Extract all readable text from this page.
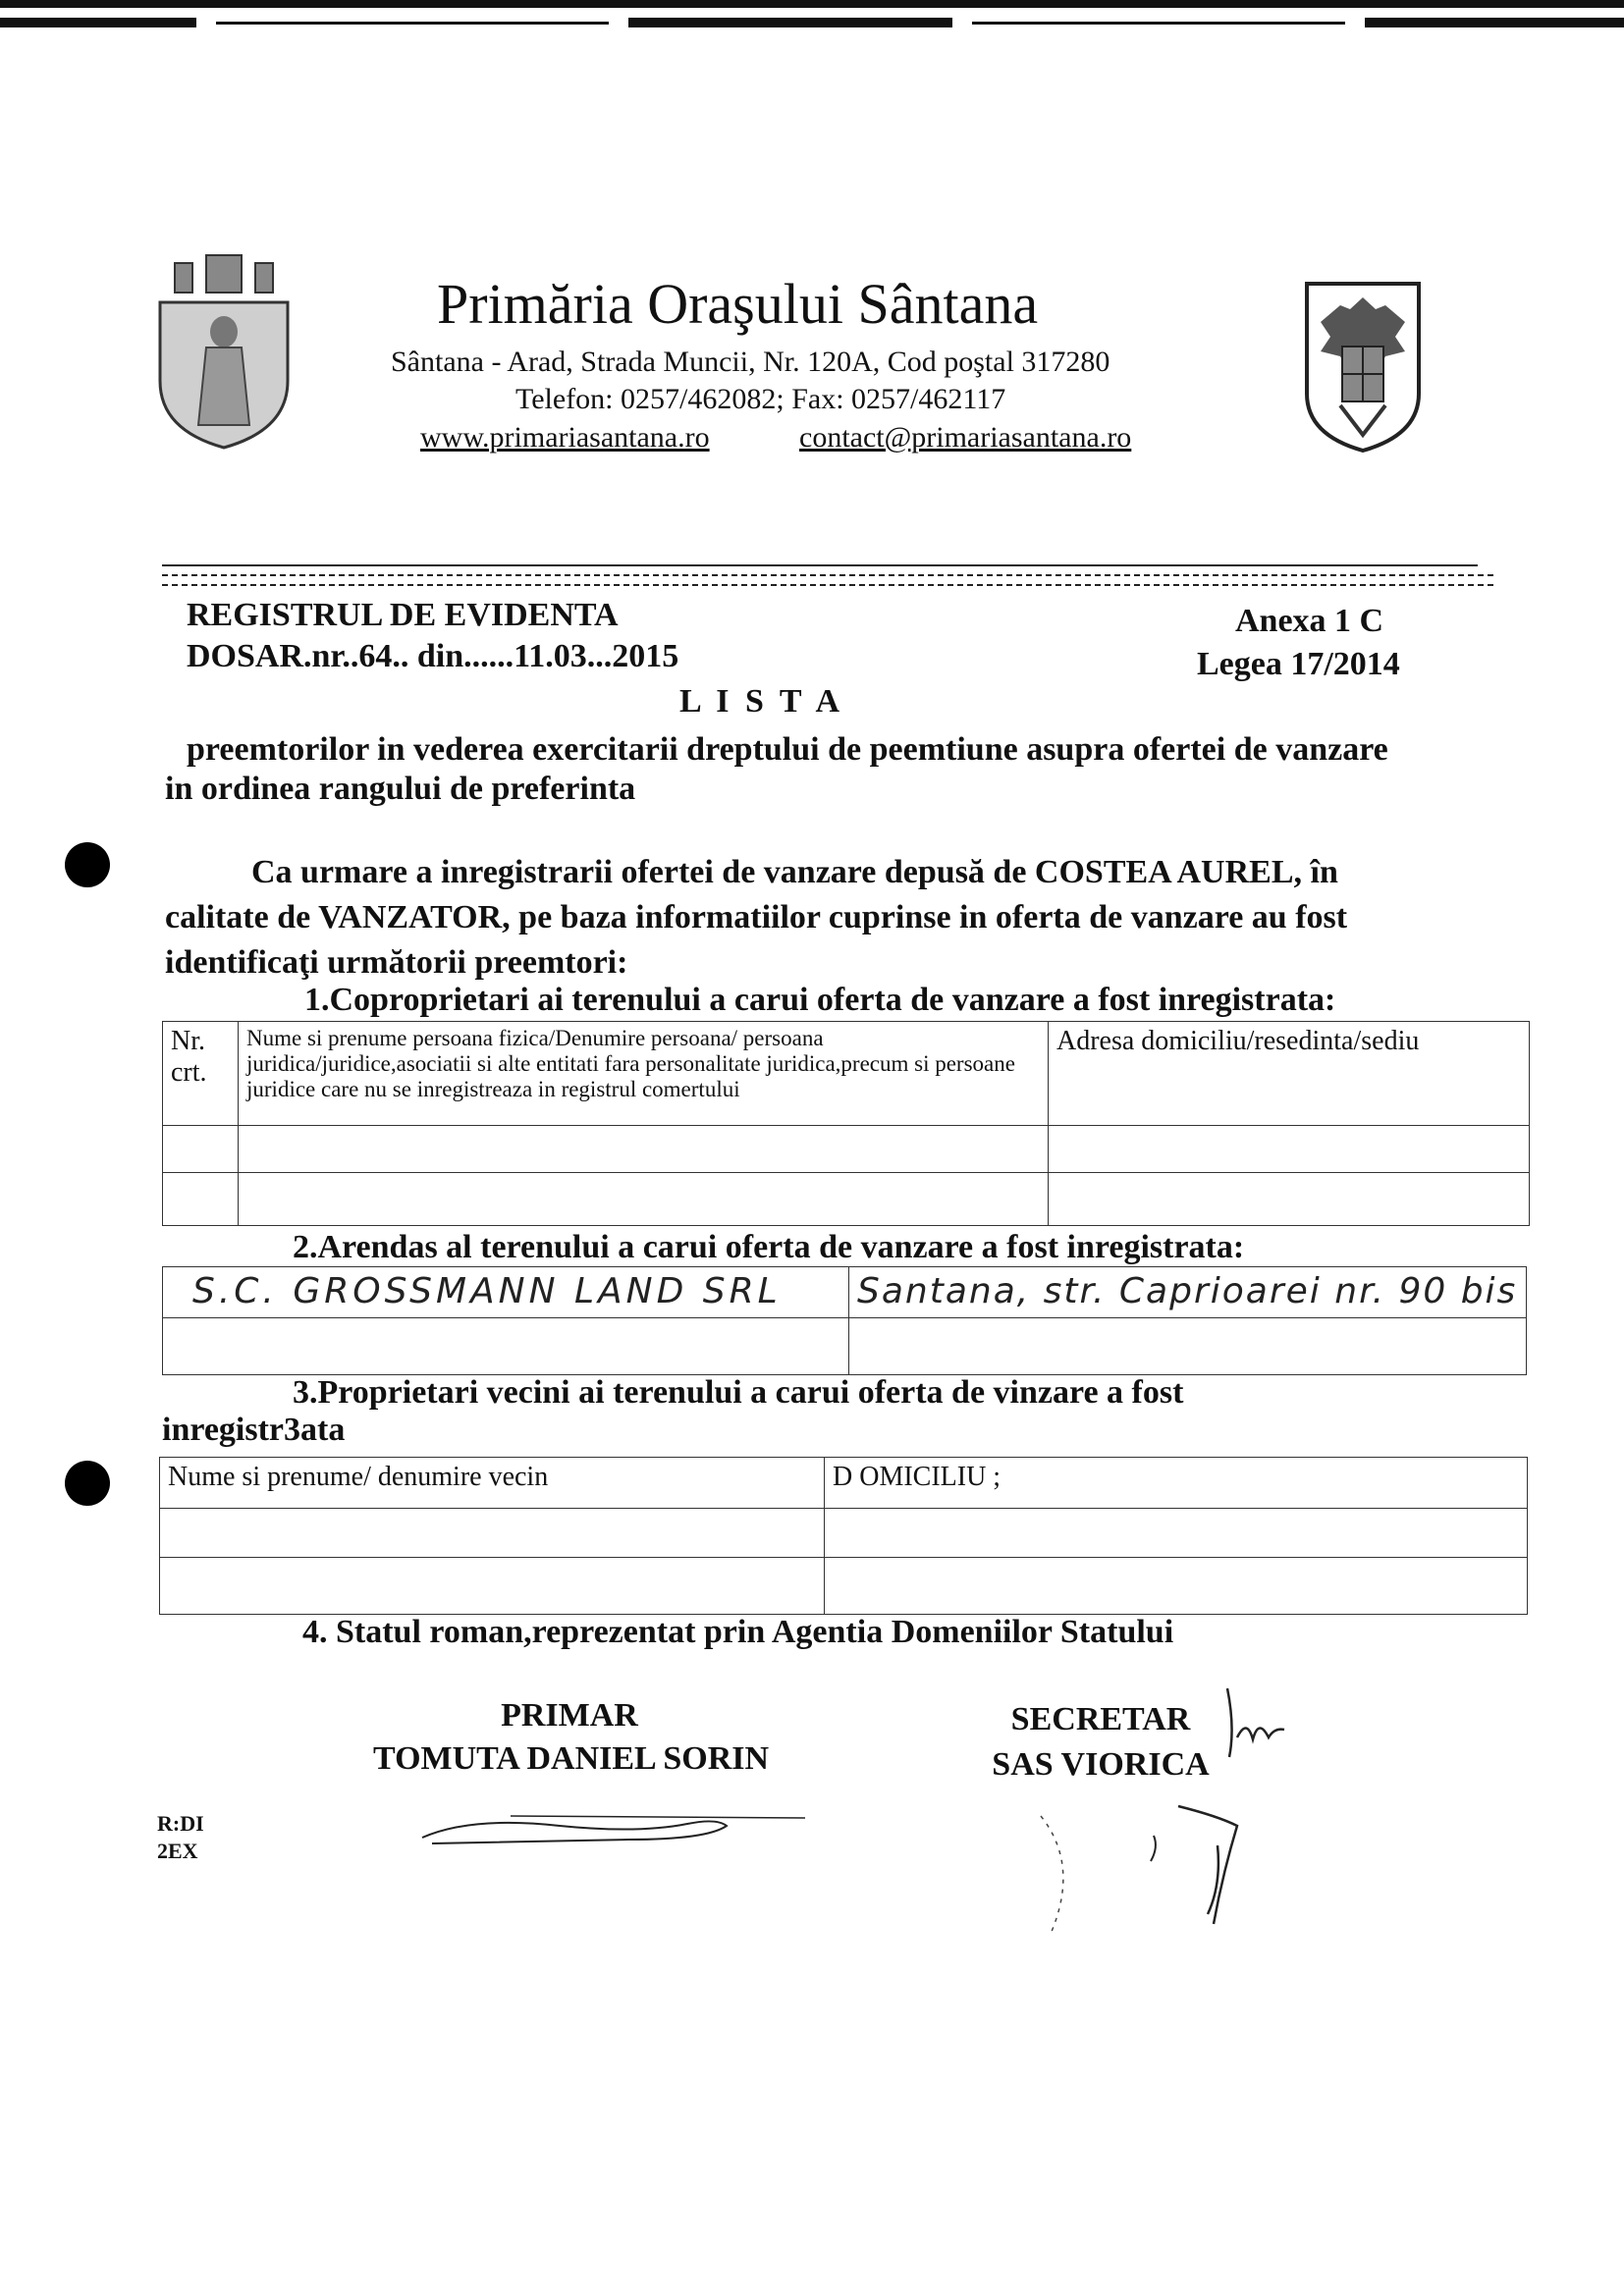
Primăria Oraşului Sântana
Sântana - Arad, Strada Muncii, Nr. 120A, Cod poştal 317280
Telefon: 0257/462082; Fax: 0257/462117
www.primariasantana.ro	contact@primariasantana.ro
REGISTRUL DE EVIDENTA
DOSAR.nr..64.. din......11.03...2015
Anexa 1 C
Legea 17/2014
L I S T A
preemtorilor in vederea exercitarii dreptului de peemtiune asupra ofertei de vanzare in ordinea rangului de preferinta
Ca urmare a inregistrarii ofertei de vanzare depusă de COSTEA AUREL, în calitate de VANZATOR, pe baza informatiilor cuprinse in oferta de vanzare au fost identificaţi următorii preemtori:
1.Coproprietari ai terenului a carui oferta de vanzare a fost inregistrata:
Nr. crt.	Nume si prenume persoana fizica/Denumire persoana/ persoana juridica/juridice,asociatii si alte entitati fara personalitate juridica,precum si persoane juridice care nu se inregistreaza in registrul comertului	Adresa domiciliu/resedinta/sediu

2.Arendas al terenului a carui oferta de vanzare a fost inregistrata:
S.C. GROSSMANN LAND SRL	Santana, str. Caprioarei nr. 90 bis

3.Proprietari vecini ai terenului a carui oferta de vinzare a fost
inregistr3ata
Nume si prenume/ denumire vecin	D OMICILIU ;

4. Statul roman,reprezentat prin Agentia Domeniilor Statului
PRIMAR
TOMUTA DANIEL SORIN
SECRETAR
SAS VIORICA
R:DI
2EX
